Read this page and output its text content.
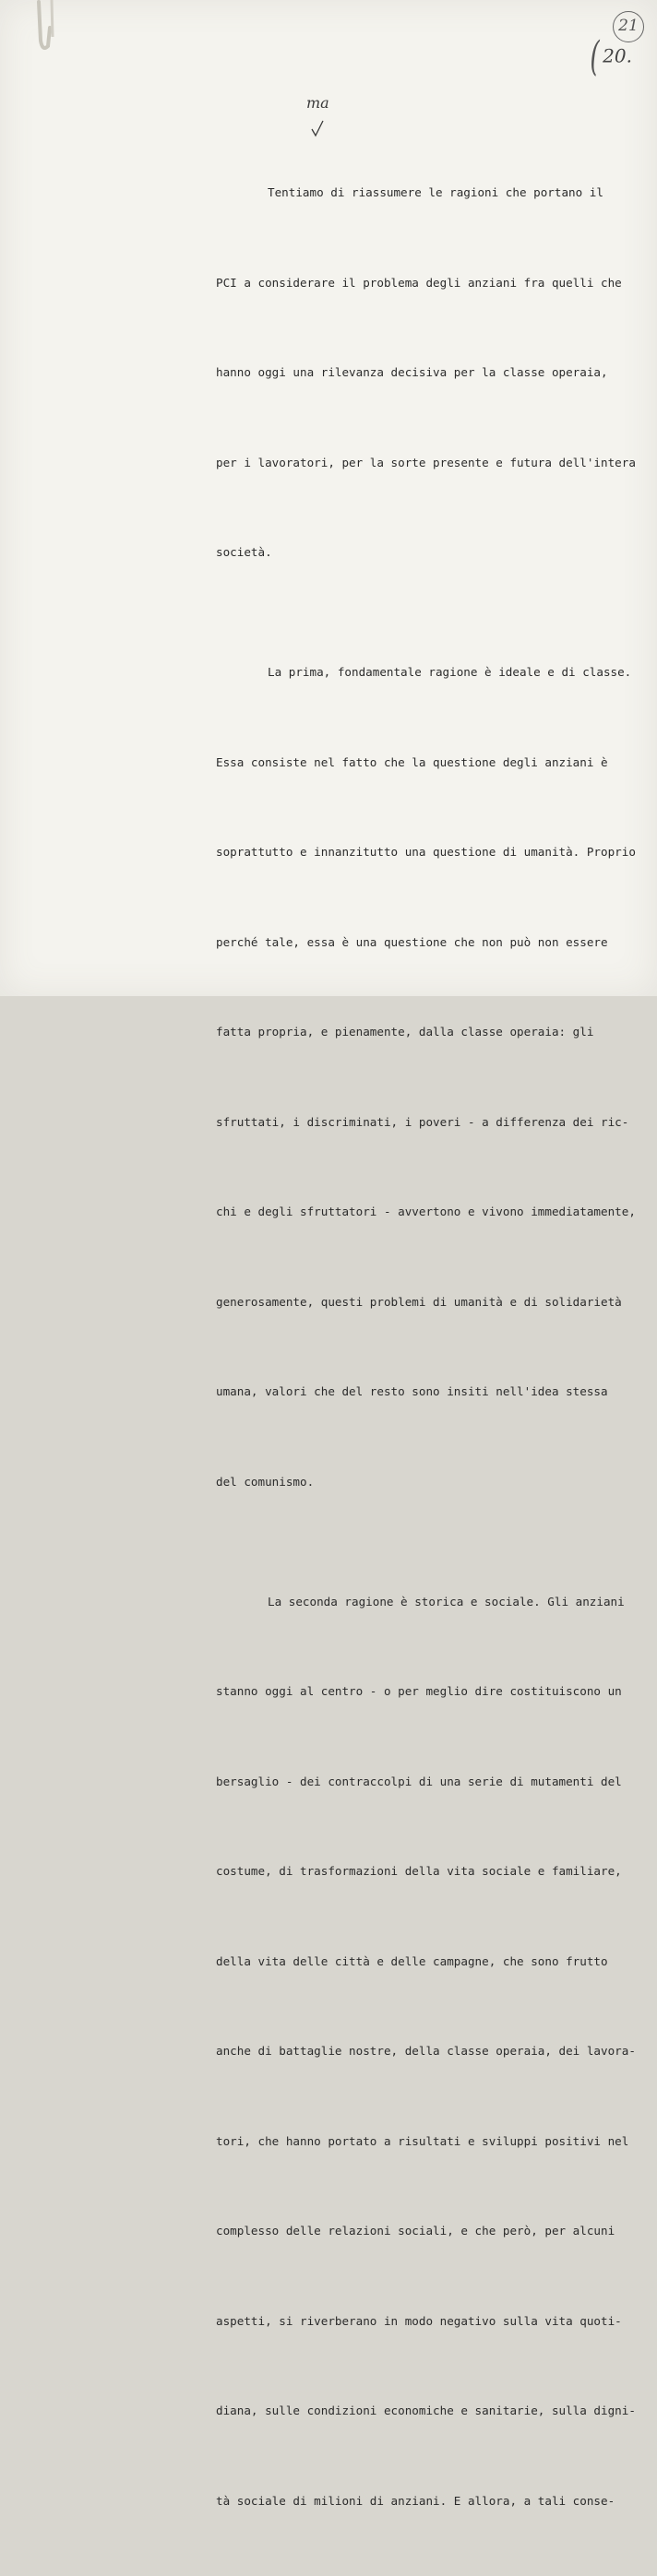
21
( 20.
ma

Tentiamo di riassumere le ragioni che portano il

PCI a considerare il problema degli anziani fra quelli che

hanno oggi una rilevanza decisiva per la classe operaia,

per i lavoratori, per la sorte presente e futura dell'intera

società.

La prima, fondamentale ragione è ideale e di classe.

Essa consiste nel fatto che la questione degli anziani è

soprattutto e innanzitutto una questione di umanità. Proprio

perché tale, essa è una questione che non può non essere

fatta propria, e pienamente, dalla classe operaia: gli

sfruttati, i discriminati, i poveri - a differenza dei ric-

chi e degli sfruttatori - avvertono e vivono immediatamente,

generosamente, questi problemi di umanità e di solidarietà

umana, valori che del resto sono insiti nell'idea stessa

del comunismo.

La seconda ragione è storica e sociale. Gli anziani

stanno oggi al centro - o per meglio dire costituiscono un

bersaglio - dei contraccolpi di una serie di mutamenti del

costume, di trasformazioni della vita sociale e familiare,

della vita delle città e delle campagne, che sono frutto

anche di battaglie nostre, della classe operaia, dei lavora-

tori, che hanno portato a risultati e sviluppi positivi nel

complesso delle relazioni sociali, e che però, per alcuni

aspetti, si riverberano in modo negativo sulla vita quoti-

diana, sulle condizioni economiche e sanitarie, sulla digni-

tà sociale di milioni di anziani. E allora, a tali conse-
